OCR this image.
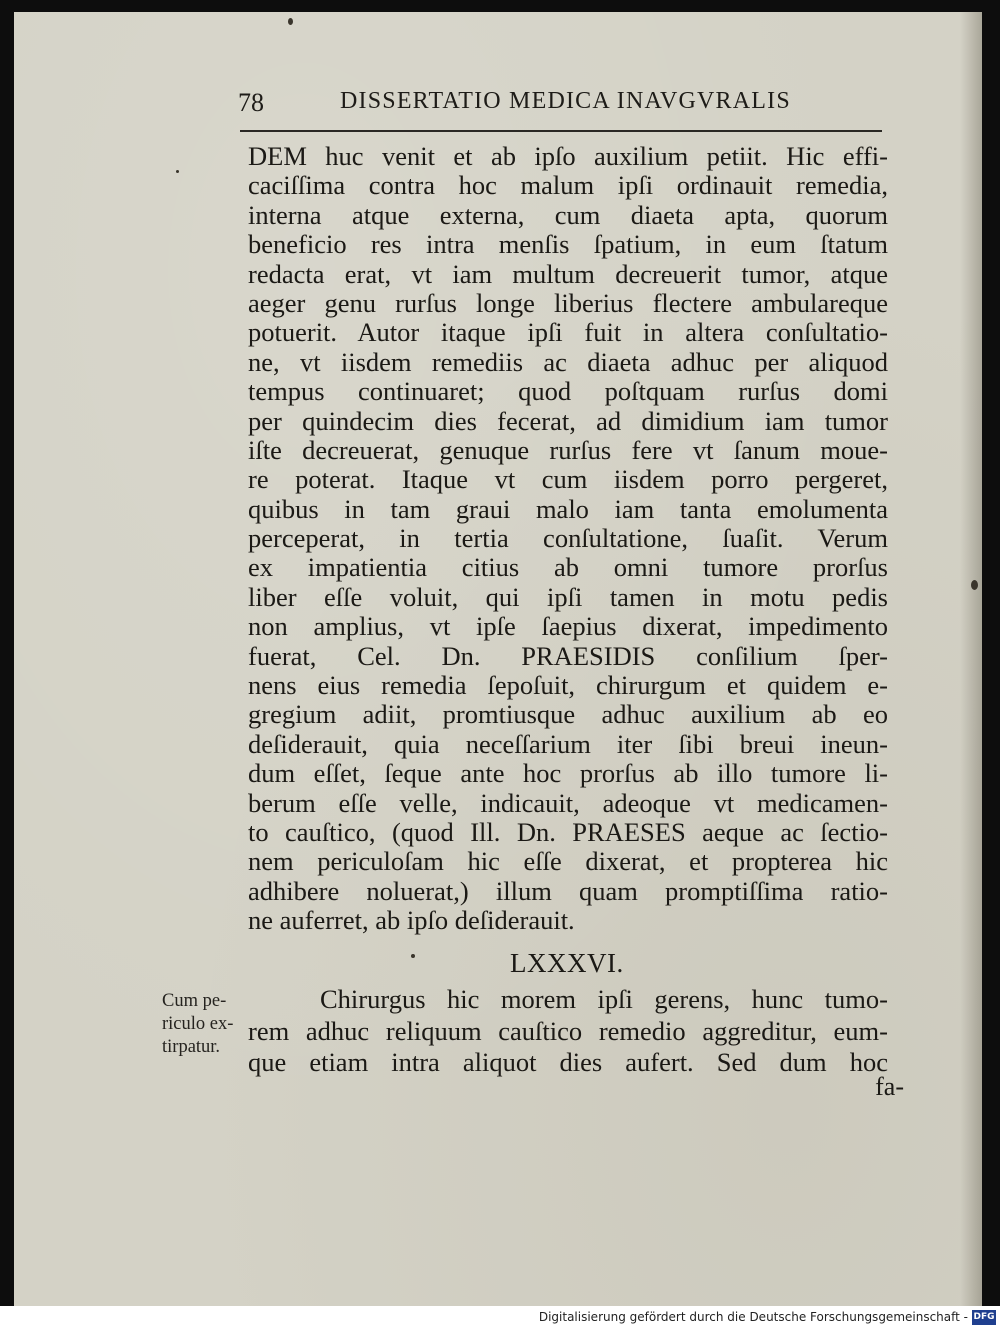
78	DISSERTATIO MEDICA INAVGVRALIS
DEM huc venit et ab ipſo auxilium petiit. Hic effi-
caciſſima contra hoc malum ipſi ordinauit remedia,
interna atque externa, cum diaeta apta, quorum
beneficio res intra menſis ſpatium, in eum ſtatum
redacta erat, vt iam multum decreuerit tumor, atque
aeger genu rurſus longe liberius flectere ambulareque
potuerit. Autor itaque ipſi fuit in altera conſultatio-
ne, vt iisdem remediis ac diaeta adhuc per aliquod
tempus continuaret; quod poſtquam rurſus domi
per quindecim dies fecerat, ad dimidium iam tumor
iſte decreuerat, genuque rurſus fere vt ſanum moue-
re poterat. Itaque vt cum iisdem porro pergeret,
quibus in tam graui malo iam tanta emolumenta
perceperat, in tertia conſultatione, ſuaſit. Verum
ex impatientia citius ab omni tumore prorſus
liber eſſe voluit, qui ipſi tamen in motu pedis
non amplius, vt ipſe ſaepius dixerat, impedimento
fuerat, Cel. Dn. PRAESIDIS conſilium ſper-
nens eius remedia ſepoſuit, chirurgum et quidem e-
gregium adiit, promtiusque adhuc auxilium ab eo
deſiderauit, quia neceſſarium iter ſibi breui ineun-
dum eſſet, ſeque ante hoc prorſus ab illo tumore li-
berum eſſe velle, indicauit, adeoque vt medicamen-
to cauſtico, (quod Ill. Dn. PRAESES aeque ac ſectio-
nem periculoſam hic eſſe dixerat, et propterea hic
adhibere noluerat,) illum quam promptiſſima ratio-
ne auferret, ab ipſo deſiderauit.
LXXXVI.
Cum pe-
riculo ex-
tirpatur.
Chirurgus hic morem ipſi gerens, hunc tumo-
rem adhuc reliquum cauſtico remedio aggreditur, eum-
que etiam intra aliquot dies aufert. Sed dum hoc
fa-
Digitalisierung gefördert durch die Deutsche Forschungsgemeinschaft - DFG
